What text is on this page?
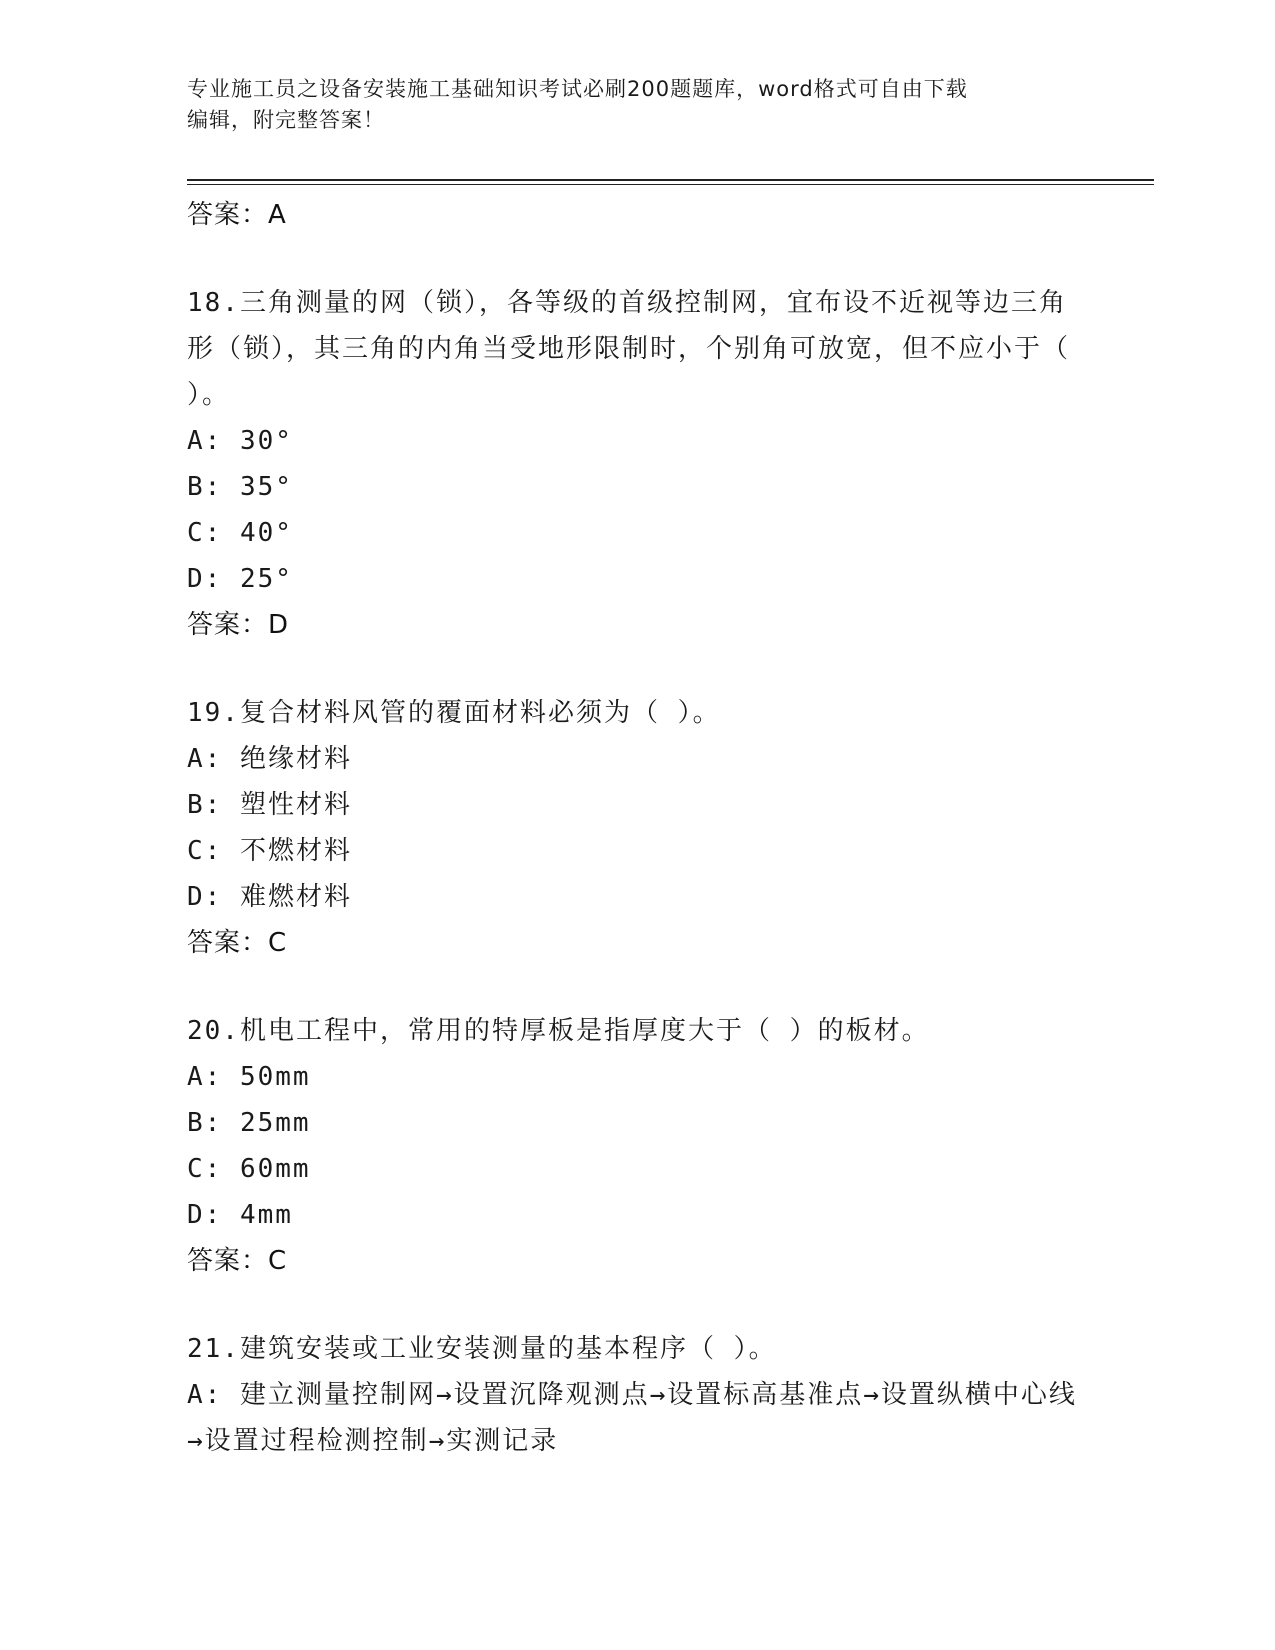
专业施工员之设备安装施工基础知识考试必刷200题题库，word格式可自由下载
编辑，附完整答案！
答案：A
18.三角测量的网（锁），各等级的首级控制网，宜布设不近视等边三角形（锁），其三角的内角当受地形限制时，个别角可放宽，但不应小于（ ）。
A: 30°
B: 35°
C: 40°
D: 25°
答案：D
19.复合材料风管的覆面材料必须为（ ）。
A: 绝缘材料
B: 塑性材料
C: 不燃材料
D: 难燃材料
答案：C
20.机电工程中，常用的特厚板是指厚度大于（ ）的板材。
A: 50mm
B: 25mm
C: 60mm
D: 4mm
答案：C
21.建筑安装或工业安装测量的基本程序（ ）。
A: 建立测量控制网→设置沉降观测点→设置标高基准点→设置纵横中心线→设置过程检测控制→实测记录
